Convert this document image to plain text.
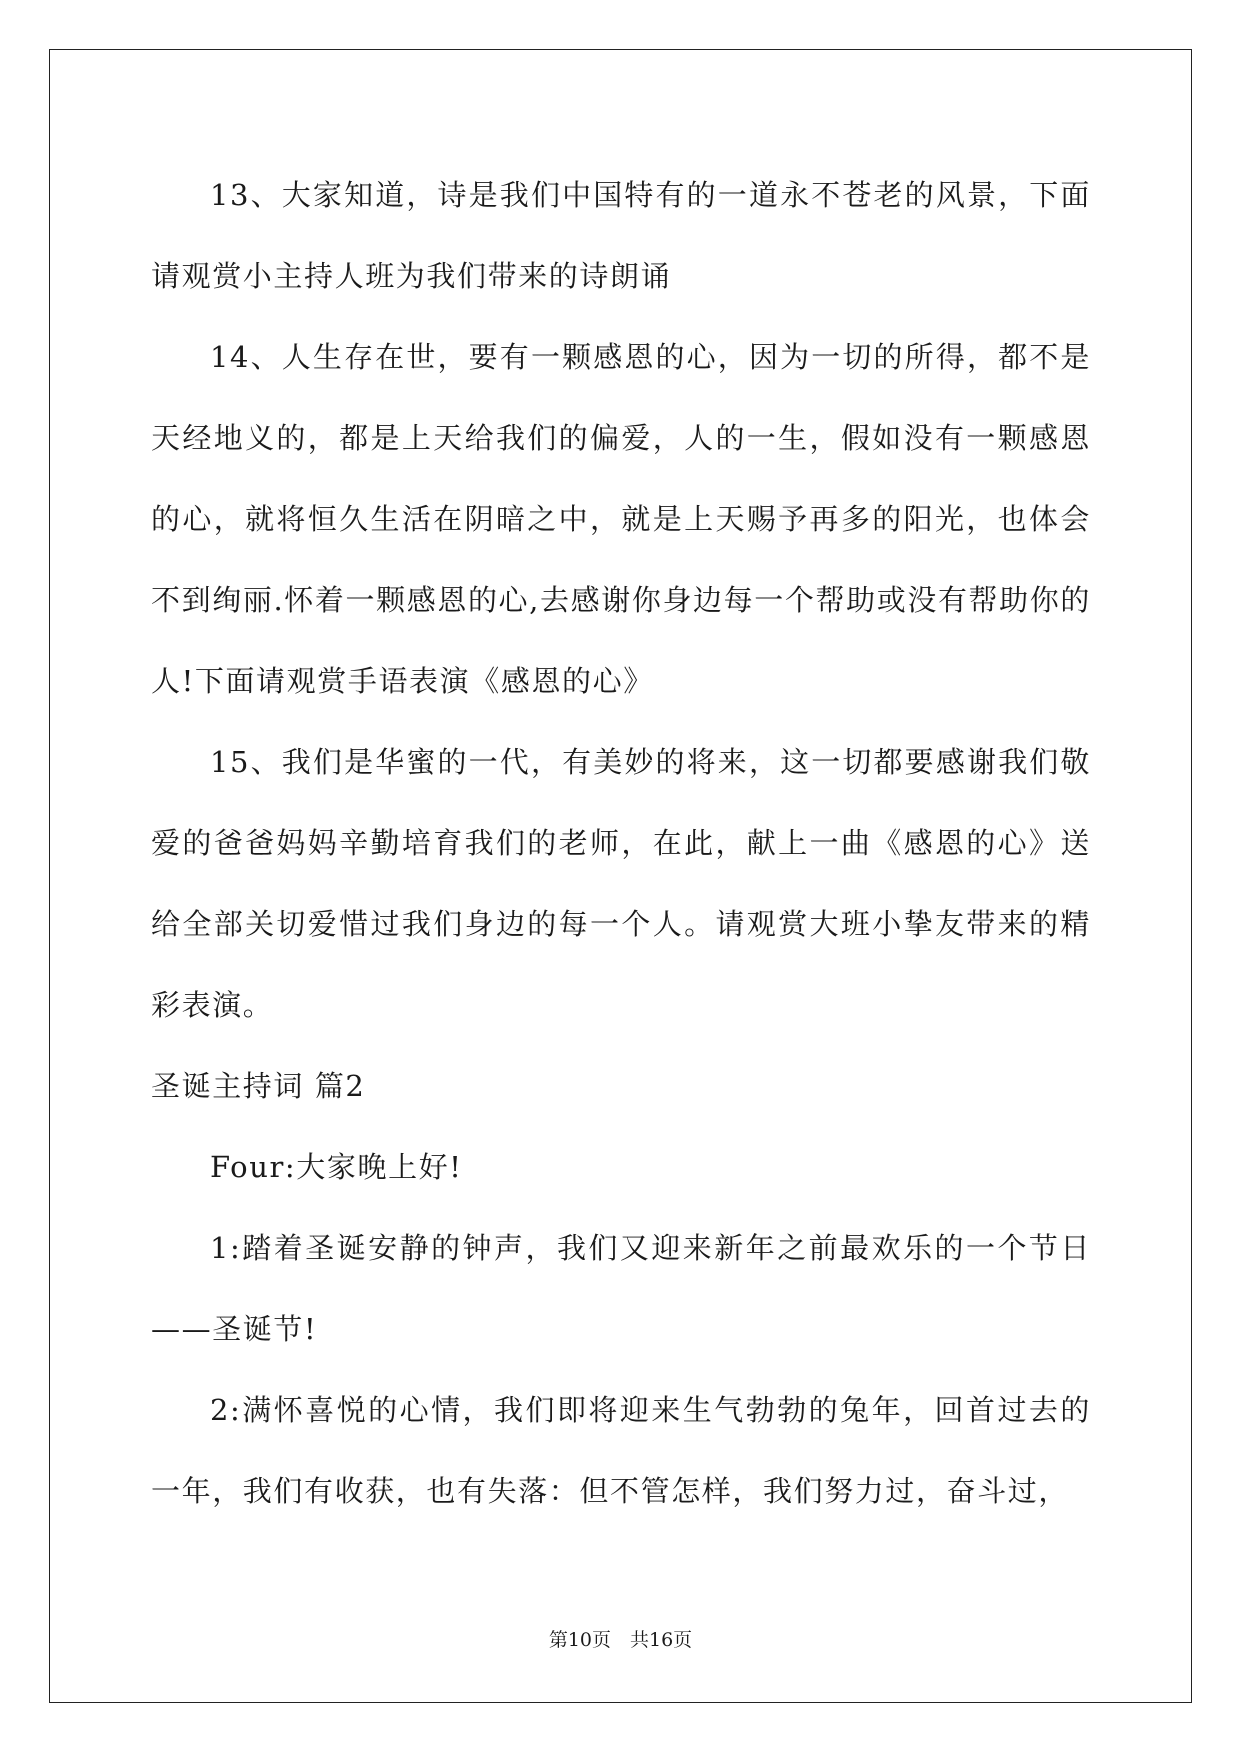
13、大家知道，诗是我们中国特有的一道永不苍老的风景，下面请观赏小主持人班为我们带来的诗朗诵

14、人生存在世，要有一颗感恩的心，因为一切的所得，都不是天经地义的，都是上天给我们的偏爱，人的一生，假如没有一颗感恩的心，就将恒久生活在阴暗之中，就是上天赐予再多的阳光，也体会不到绚丽.怀着一颗感恩的心,去感谢你身边每一个帮助或没有帮助你的人!下面请观赏手语表演《感恩的心》

15、我们是华蜜的一代，有美妙的将来，这一切都要感谢我们敬爱的爸爸妈妈辛勤培育我们的老师，在此，献上一曲《感恩的心》送给全部关切爱惜过我们身边的每一个人。请观赏大班小挚友带来的精彩表演。

圣诞主持词 篇2

Four:大家晚上好!

1:踏着圣诞安静的钟声，我们又迎来新年之前最欢乐的一个节日——圣诞节!

2:满怀喜悦的心情，我们即将迎来生气勃勃的兔年，回首过去的一年，我们有收获，也有失落：但不管怎样，我们努力过，奋斗过，

第10页　共16页
